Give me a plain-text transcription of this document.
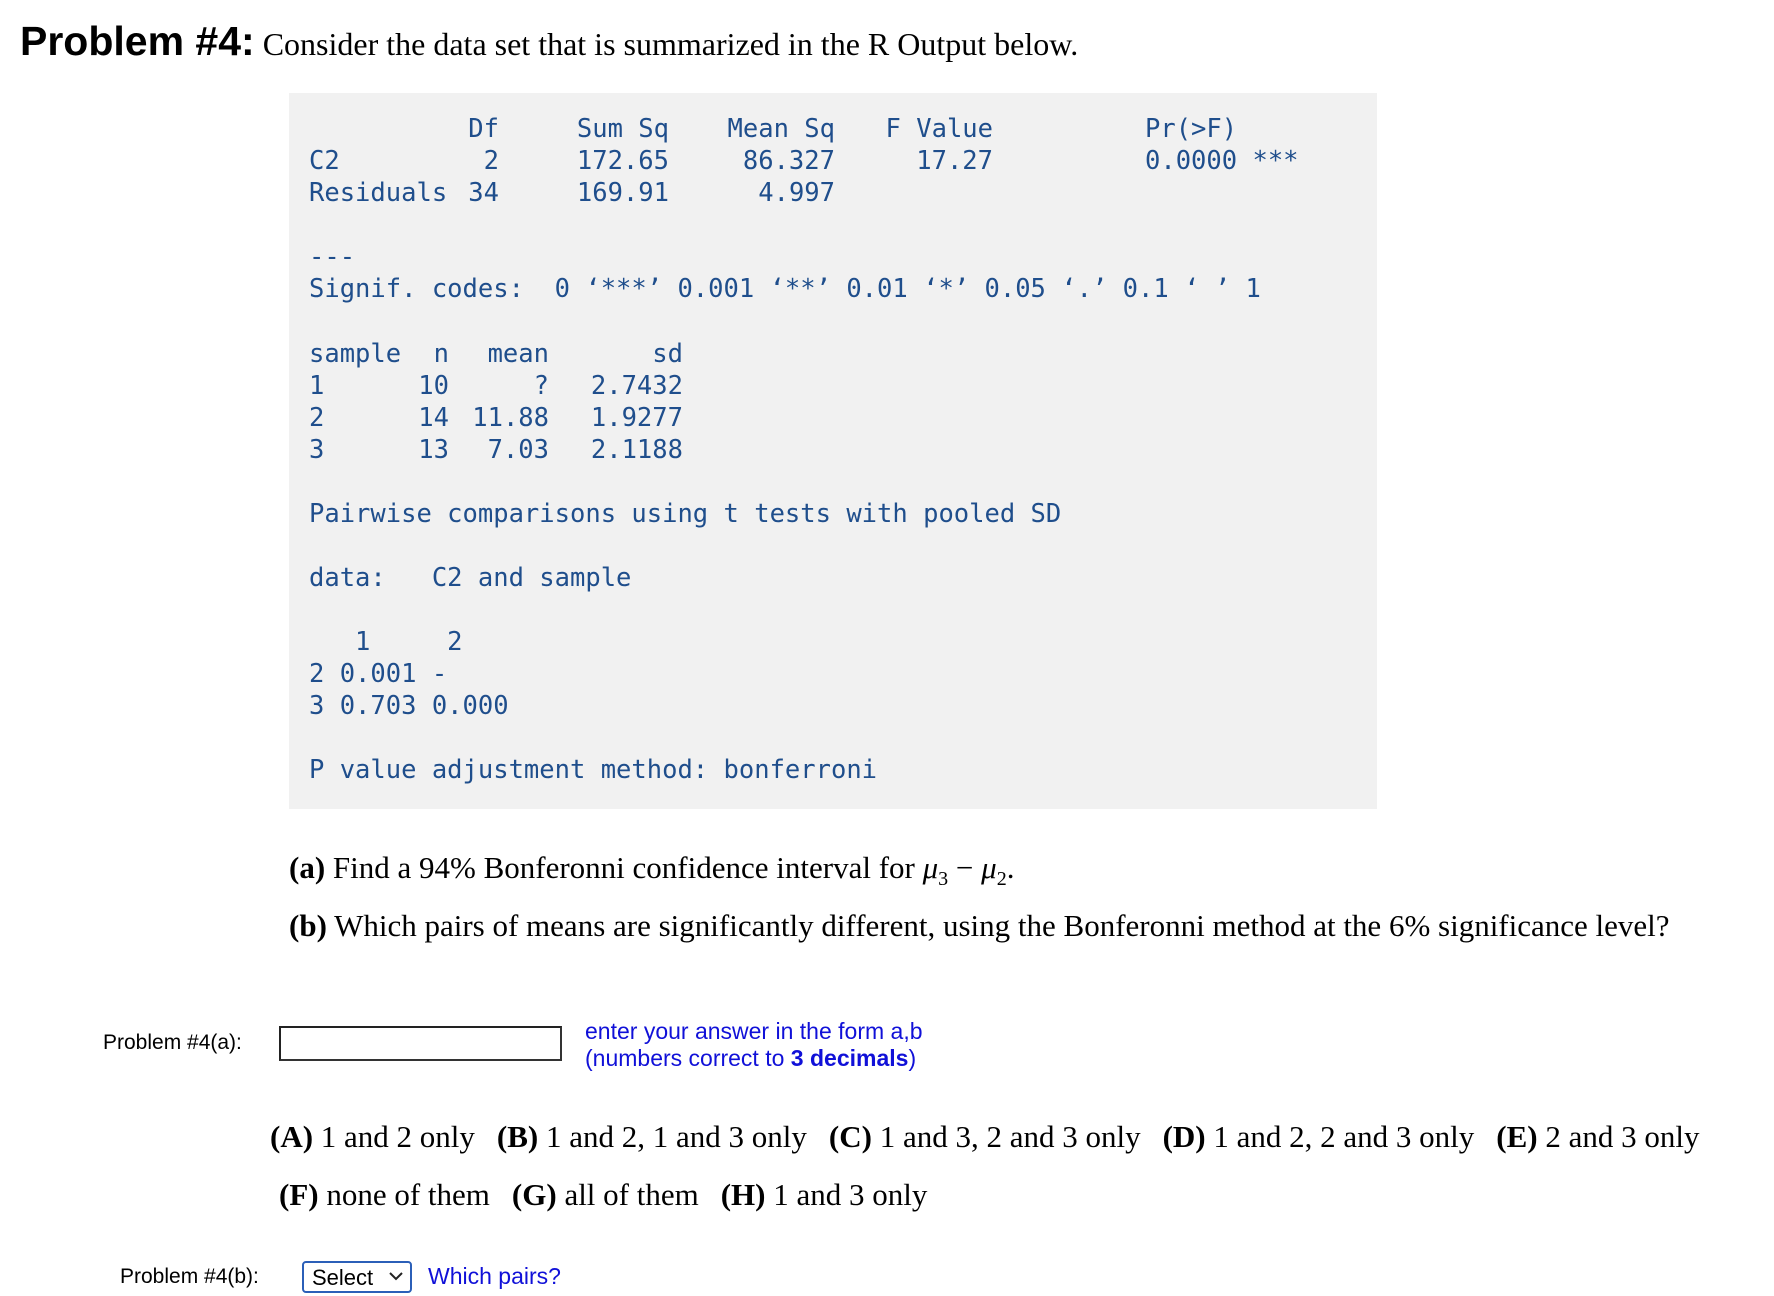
Problem #4: Consider the data set that is summarized in the R Output below.
Df	Sum Sq	Mean Sq	F Value	Pr(>F)
C2	2	172.65	86.327	17.27	0.0000 ***
Residuals 34	169.91	4.997
---
Signif. codes:  0 ‘***’ 0.001 ‘**’ 0.01 ‘*’ 0.05 ‘.’ 0.1 ‘ ’ 1
sample	n	mean	sd
1	10	?	2.7432
2	14 11.88	1.9277
3	13	7.03	2.1188
Pairwise comparisons using t tests with pooled SD
data:   C2 and sample
1     2
2 0.001 -
3 0.703 0.000
P value adjustment method: bonferroni
(a) Find a 94% Bonferonni confidence interval for $\mu_3 - \mu_2$.
(b) Which pairs of means are significantly different, using the Bonferonni method at the 6% significance level?
Problem #4(a):	enter your answer in the form a,b
(numbers correct to 3 decimals)
(A) 1 and 2 only (B) 1 and 2, 1 and 3 only (C) 1 and 3, 2 and 3 only (D) 1 and 2, 2 and 3 only (E) 2 and 3 only
(F) none of them (G) all of them (H) 1 and 3 only
Problem #4(b):	Select	Which pairs?
